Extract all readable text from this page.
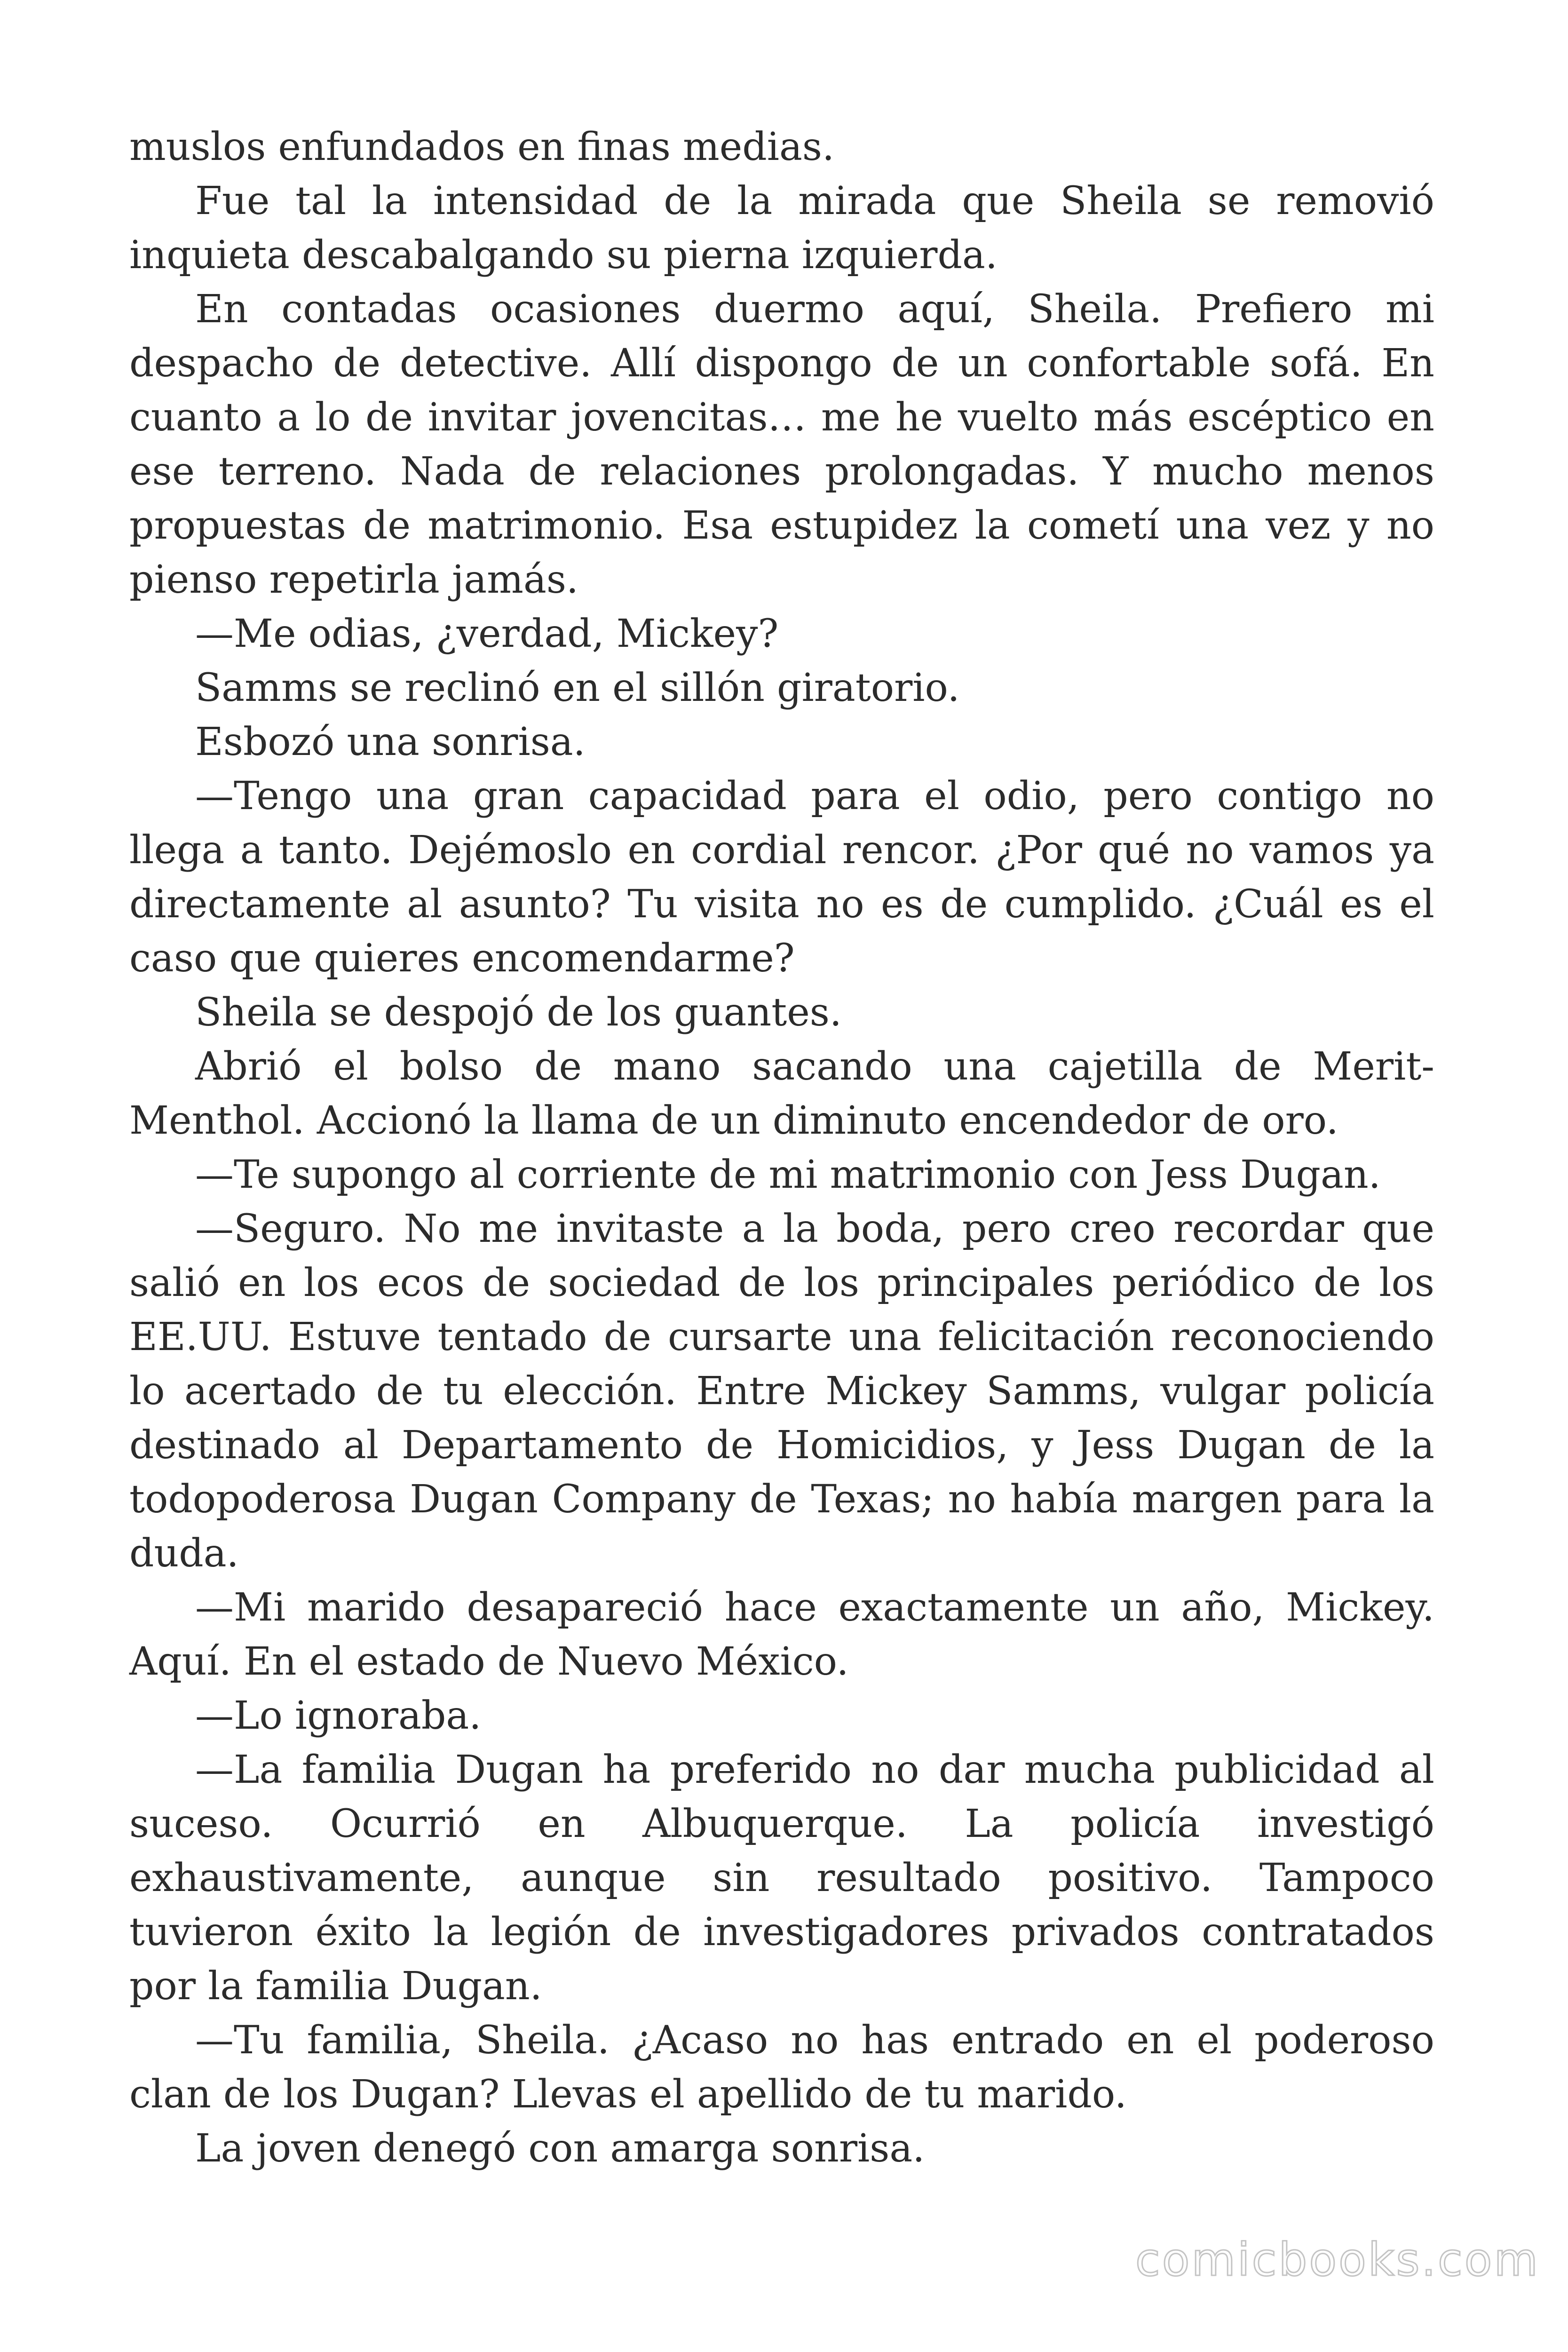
muslos enfundados en finas medias.

Fue tal la intensidad de la mirada que Sheila se removió inquieta descabalgando su pierna izquierda.

En contadas ocasiones duermo aquí, Sheila. Prefiero mi despacho de detective. Allí dispongo de un confortable sofá. En cuanto a lo de invitar jovencitas… me he vuelto más escéptico en ese terreno. Nada de relaciones prolongadas. Y mucho menos propuestas de matrimonio. Esa estupidez la cometí una vez y no pienso repetirla jamás.

—Me odias, ¿verdad, Mickey?

Samms se reclinó en el sillón giratorio.

Esbozó una sonrisa.

—Tengo una gran capacidad para el odio, pero contigo no llega a tanto. Dejémoslo en cordial rencor. ¿Por qué no vamos ya directamente al asunto? Tu visita no es de cumplido. ¿Cuál es el caso que quieres encomendarme?

Sheila se despojó de los guantes.

Abrió el bolso de mano sacando una cajetilla de Merit-Menthol. Accionó la llama de un diminuto encendedor de oro.

—Te supongo al corriente de mi matrimonio con Jess Dugan.

—Seguro. No me invitaste a la boda, pero creo recordar que salió en los ecos de sociedad de los principales periódico de los EE.UU. Estuve tentado de cursarte una felicitación reconociendo lo acertado de tu elección. Entre Mickey Samms, vulgar policía destinado al Departamento de Homicidios, y Jess Dugan de la todopoderosa Dugan Company de Texas; no había margen para la duda.

—Mi marido desapareció hace exactamente un año, Mickey. Aquí. En el estado de Nuevo México.

—Lo ignoraba.

—La familia Dugan ha preferido no dar mucha publicidad al suceso. Ocurrió en Albuquerque. La policía investigó exhaustivamente, aunque sin resultado positivo. Tampoco tuvieron éxito la legión de investigadores privados contratados por la familia Dugan.

—Tu familia, Sheila. ¿Acaso no has entrado en el poderoso clan de los Dugan? Llevas el apellido de tu marido.

La joven denegó con amarga sonrisa.

comicbooks.com
